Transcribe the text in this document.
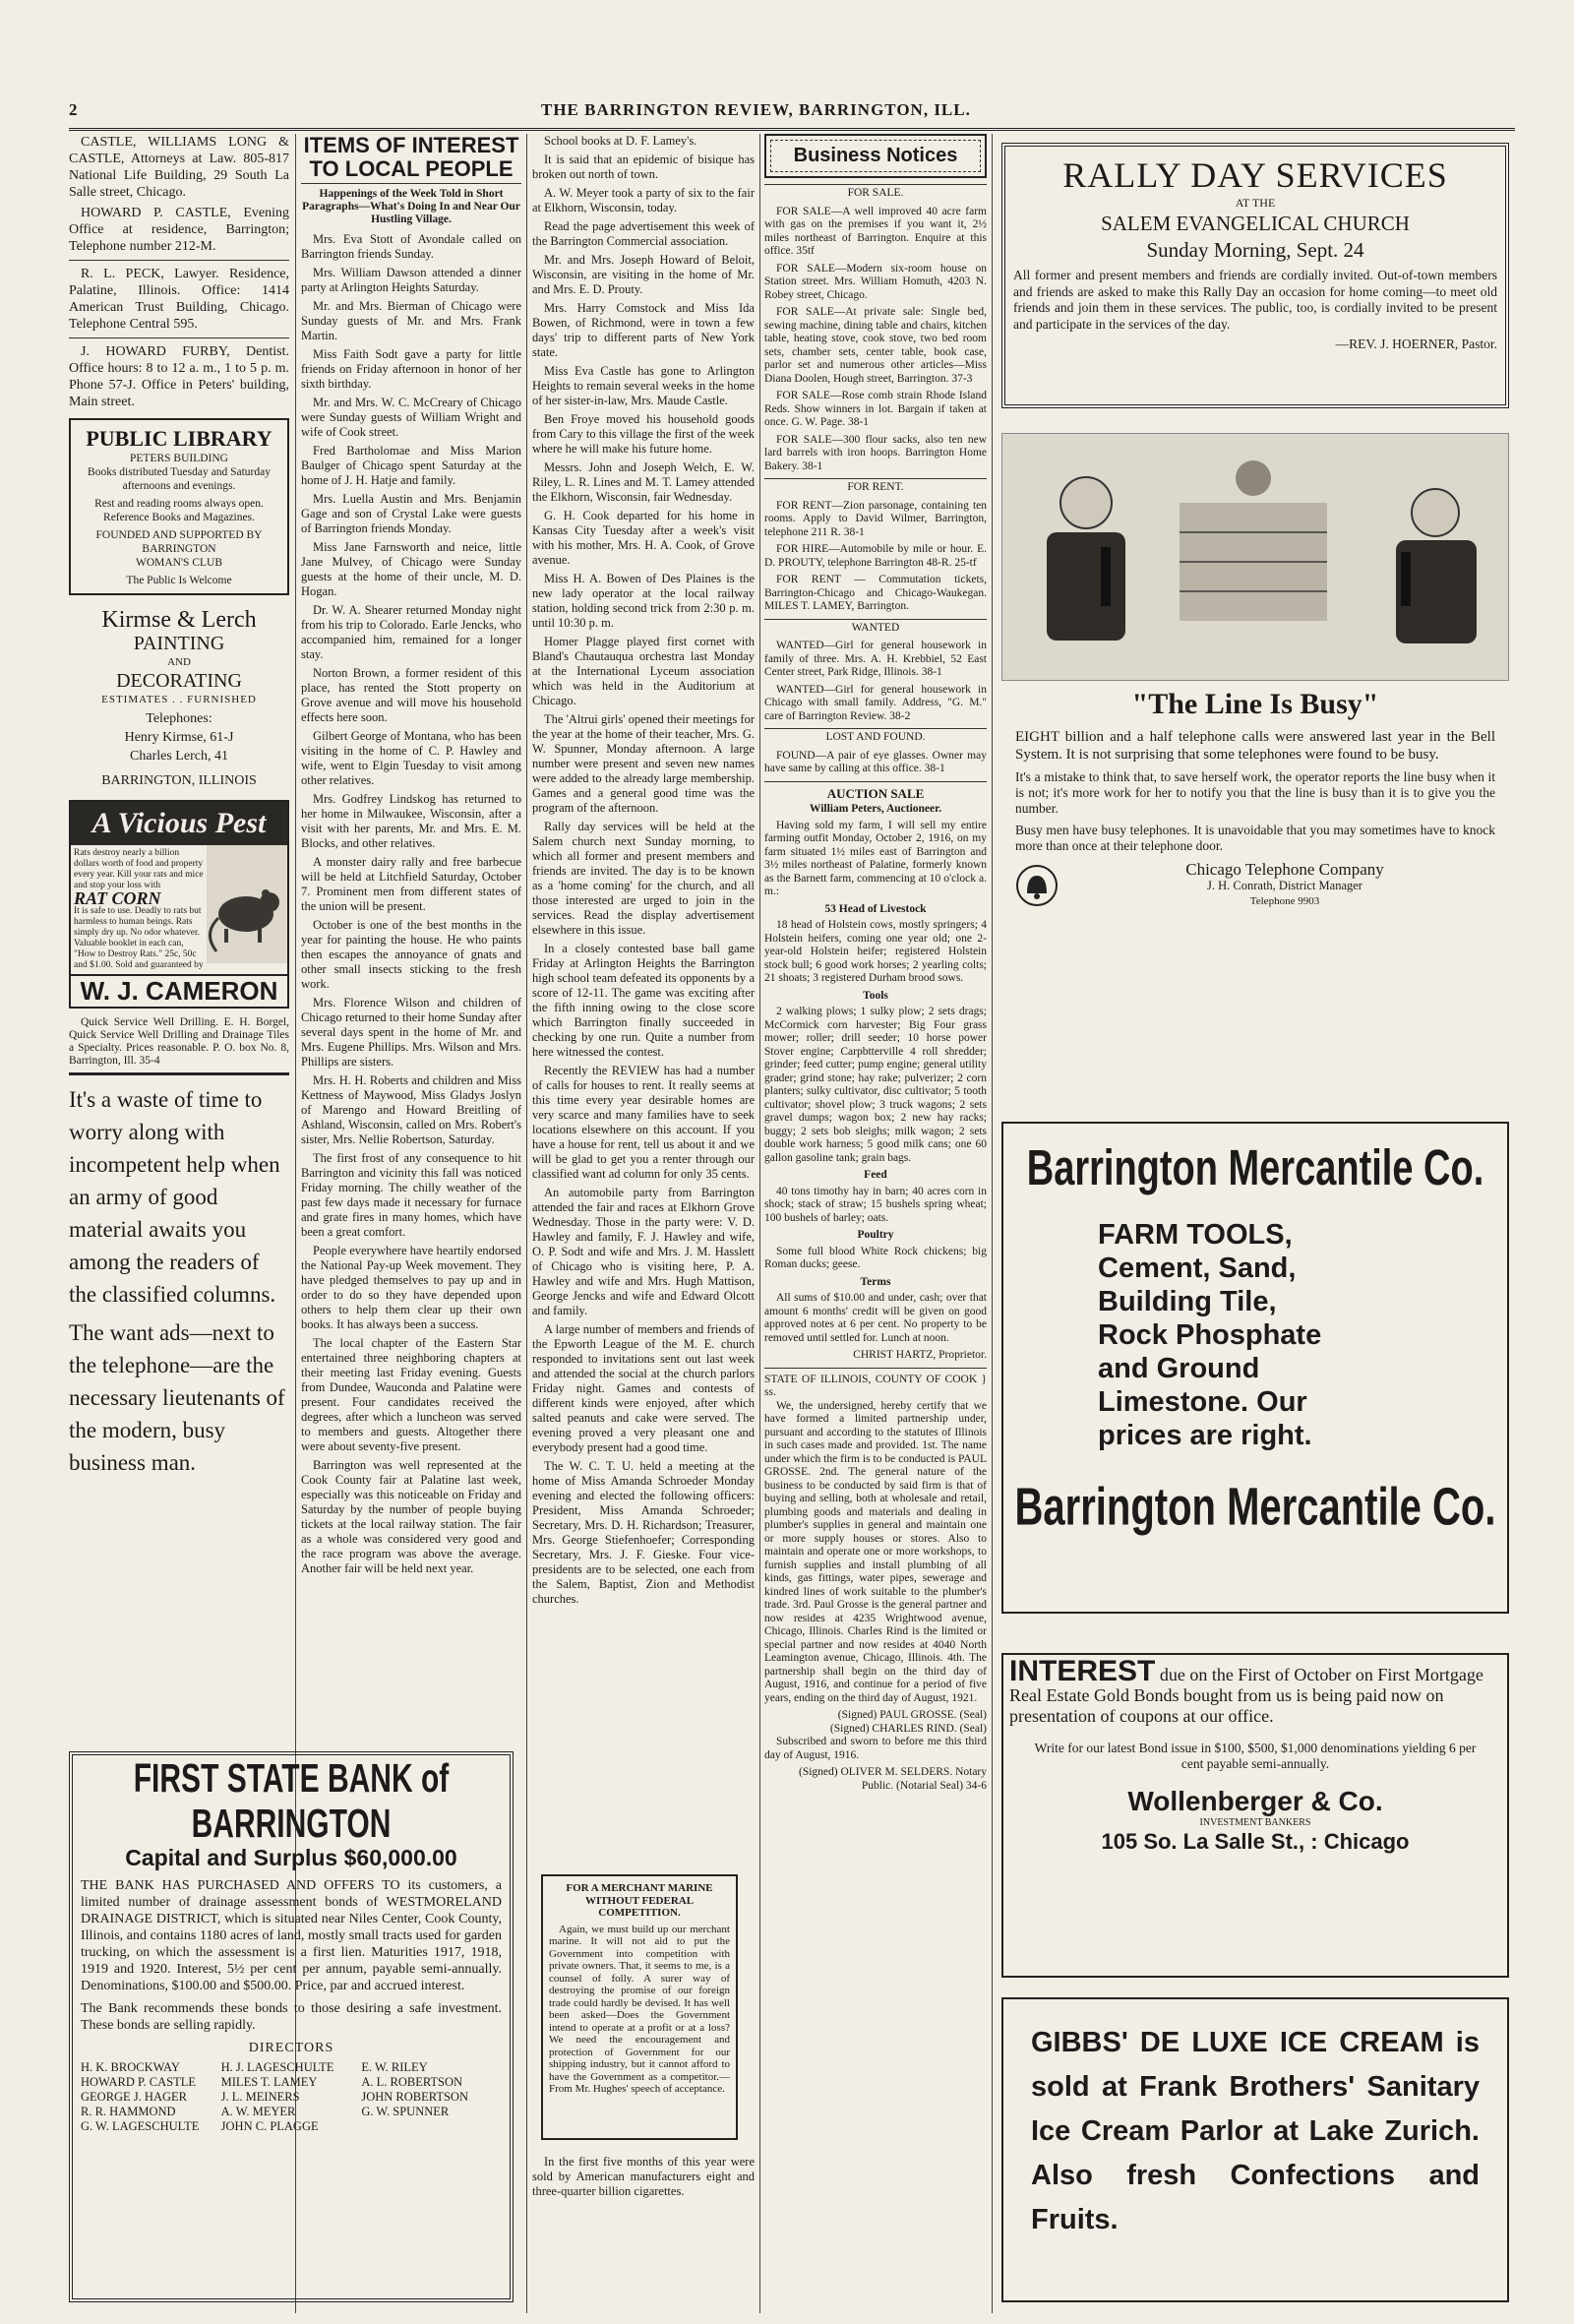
2	THE BARRINGTON REVIEW, BARRINGTON, ILL.

CASTLE, WILLIAMS LONG & CASTLE, Attorneys at Law. 805-817 National Life Building, 29 South La Salle street, Chicago.

HOWARD P. CASTLE, Evening Office at residence, Barrington; Telephone number 212-M.

R. L. PECK, Lawyer. Residence, Palatine, Illinois. Office: 1414 American Trust Building, Chicago. Telephone Central 595.

J. HOWARD FURBY, Dentist. Office hours: 8 to 12 a. m., 1 to 5 p. m. Phone 57-J. Office in Peters' building, Main street.

PUBLIC LIBRARY
PETERS BUILDING
Books distributed Tuesday and Saturday afternoons and evenings.
Rest and reading rooms always open. Reference Books and Magazines.
FOUNDED AND SUPPORTED BY
BARRINGTON
WOMAN'S CLUB
The Public Is Welcome
Kirmse & Lerch
PAINTING
AND
DECORATING
ESTIMATES . . FURNISHED
Telephones:
Henry Kirmse, 61-J
Charles Lerch, 41
BARRINGTON, ILLINOIS
A Vicious Pest
Rats destroy nearly a billion dollars worth of food and property every year. Kill your rats and mice and stop your loss with
RAT CORN
It is safe to use. Deadly to rats but harmless to human beings. Rats simply dry up. No odor whatever. Valuable booklet in each can, "How to Destroy Rats." 25c, 50c and $1.00. Sold and guaranteed by
W. J. CAMERON

Quick Service Well Drilling. E. H. Borgel, Quick Service Well Drilling and Drainage Tiles a Specialty. Prices reasonable. P. O. box No. 8, Barrington, Ill. 35-4

It's a waste of time to worry along with incompetent help when an army of good material awaits you among the readers of the classified columns.

The want ads—next to the telephone—are the necessary lieutenants of the modern, busy business man.

ITEMS OF INTEREST
TO LOCAL PEOPLE
Happenings of the Week Told in Short Paragraphs—What's Doing In and Near Our Hustling Village.

Mrs. Eva Stott of Avondale called on Barrington friends Sunday.

Mrs. William Dawson attended a dinner party at Arlington Heights Saturday.

Mr. and Mrs. Bierman of Chicago were Sunday guests of Mr. and Mrs. Frank Martin.

Miss Faith Sodt gave a party for little friends on Friday afternoon in honor of her sixth birthday.

Mr. and Mrs. W. C. McCreary of Chicago were Sunday guests of William Wright and wife of Cook street.

Fred Bartholomae and Miss Marion Baulger of Chicago spent Saturday at the home of J. H. Hatje and family.

Mrs. Luella Austin and Mrs. Benjamin Gage and son of Crystal Lake were guests of Barrington friends Monday.

Miss Jane Farnsworth and neice, little Jane Mulvey, of Chicago were Sunday guests at the home of their uncle, M. D. Hogan.

Dr. W. A. Shearer returned Monday night from his trip to Colorado. Earle Jencks, who accompanied him, remained for a longer stay.

Norton Brown, a former resident of this place, has rented the Stott property on Grove avenue and will move his household effects here soon.

Gilbert George of Montana, who has been visiting in the home of C. P. Hawley and wife, went to Elgin Tuesday to visit among other relatives.

Mrs. Godfrey Lindskog has returned to her home in Milwaukee, Wisconsin, after a visit with her parents, Mr. and Mrs. E. M. Blocks, and other relatives.

A monster dairy rally and free barbecue will be held at Litchfield Saturday, October 7. Prominent men from different states of the union will be present.

October is one of the best months in the year for painting the house. He who paints then escapes the annoyance of gnats and other small insects sticking to the fresh work.

Mrs. Florence Wilson and children of Chicago returned to their home Sunday after several days spent in the home of Mr. and Mrs. Eugene Phillips. Mrs. Wilson and Mrs. Phillips are sisters.

Mrs. H. H. Roberts and children and Miss Kettness of Maywood, Miss Gladys Joslyn of Marengo and Howard Breitling of Ashland, Wisconsin, called on Mrs. Robert's sister, Mrs. Nellie Robertson, Saturday.

The first frost of any consequence to hit Barrington and vicinity this fall was noticed Friday morning. The chilly weather of the past few days made it necessary for furnace and grate fires in many homes, which have been a great comfort.

People everywhere have heartily endorsed the National Pay-up Week movement. They have pledged themselves to pay up and in order to do so they have depended upon others to help them clear up their own books. It has always been a success.

The local chapter of the Eastern Star entertained three neighboring chapters at their meeting last Friday evening. Guests from Dundee, Wauconda and Palatine were present. Four candidates received the degrees, after which a luncheon was served to members and guests. Altogether there were about seventy-five present.

Barrington was well represented at the Cook County fair at Palatine last week, especially was this noticeable on Friday and Saturday by the number of people buying tickets at the local railway station. The fair as a whole was considered very good and the race program was above the average. Another fair will be held next year.

School books at D. F. Lamey's.

It is said that an epidemic of bisique has broken out north of town.

A. W. Meyer took a party of six to the fair at Elkhorn, Wisconsin, today.

Read the page advertisement this week of the Barrington Commercial association.

Mr. and Mrs. Joseph Howard of Beloit, Wisconsin, are visiting in the home of Mr. and Mrs. E. D. Prouty.

Mrs. Harry Comstock and Miss Ida Bowen, of Richmond, were in town a few days' trip to different parts of New York state.

Miss Eva Castle has gone to Arlington Heights to remain several weeks in the home of her sister-in-law, Mrs. Maude Castle.

Ben Froye moved his household goods from Cary to this village the first of the week where he will make his future home.

Messrs. John and Joseph Welch, E. W. Riley, L. R. Lines and M. T. Lamey attended the Elkhorn, Wisconsin, fair Wednesday.

G. H. Cook departed for his home in Kansas City Tuesday after a week's visit with his mother, Mrs. H. A. Cook, of Grove avenue.

Miss H. A. Bowen of Des Plaines is the new lady operator at the local railway station, holding second trick from 2:30 p. m. until 10:30 p. m.

Homer Plagge played first cornet with Bland's Chautauqua orchestra last Monday at the International Lyceum association which was held in the Auditorium at Chicago.

The 'Altrui girls' opened their meetings for the year at the home of their teacher, Mrs. G. W. Spunner, Monday afternoon. A large number were present and seven new names were added to the already large membership. Games and a general good time was the program of the afternoon.

Rally day services will be held at the Salem church next Sunday morning, to which all former and present members and friends are invited. The day is to be known as a 'home coming' for the church, and all those interested are urged to join in the services. Read the display advertisement elsewhere in this issue.

In a closely contested base ball game Friday at Arlington Heights the Barrington high school team defeated its opponents by a score of 12-11. The game was exciting after the fifth inning owing to the close score which Barrington finally succeeded in checking by one run. Quite a number from here witnessed the contest.

Recently the REVIEW has had a number of calls for houses to rent. It really seems at this time every year desirable homes are very scarce and many families have to seek locations elsewhere on this account. If you have a house for rent, tell us about it and we will be glad to get you a renter through our classified want ad column for only 35 cents.

An automobile party from Barrington attended the fair and races at Elkhorn Grove Wednesday. Those in the party were: V. D. Hawley and family, F. J. Hawley and wife, O. P. Sodt and wife and Mrs. J. M. Hasslett of Chicago who is visiting here, P. A. Hawley and wife and Mrs. Hugh Mattison, George Jencks and wife and Edward Olcott and family.

A large number of members and friends of the Epworth League of the M. E. church responded to invitations sent out last week and attended the social at the church parlors Friday night. Games and contests of different kinds were enjoyed, after which salted peanuts and cake were served. The evening proved a very pleasant one and everybody present had a good time.

The W. C. T. U. held a meeting at the home of Miss Amanda Schroeder Monday evening and elected the following officers: President, Miss Amanda Schroeder; Secretary, Mrs. D. H. Richardson; Treasurer, Mrs. George Stiefenhoefer; Corresponding Secretary, Mrs. J. F. Gieske. Four vice-presidents are to be selected, one each from the Salem, Baptist, Zion and Methodist churches.

FIRST STATE BANK of BARRINGTON
Capital and Surplus $60,000.00

THE BANK HAS PURCHASED AND OFFERS TO its customers, a limited number of drainage assessment bonds of WESTMORELAND DRAINAGE DISTRICT, which is situated near Niles Center, Cook County, Illinois, and contains 1180 acres of land, mostly small tracts used for garden trucking, on which the assessment is a first lien. Maturities 1917, 1918, 1919 and 1920. Interest, 5½ per cent per annum, payable semi-annually. Denominations, $100.00 and $500.00. Price, par and accrued interest.

The Bank recommends these bonds to those desiring a safe investment. These bonds are selling rapidly.

DIRECTORS
H. K. BROCKWAY	H. J. LAGESCHULTE	E. W. RILEY
HOWARD P. CASTLE	MILES T. LAMEY	A. L. ROBERTSON
GEORGE J. HAGER	J. L. MEINERS	JOHN ROBERTSON
R. R. HAMMOND	A. W. MEYER	G. W. SPUNNER
G. W. LAGESCHULTE	JOHN C. PLAGGE
FOR A MERCHANT MARINE WITHOUT FEDERAL COMPETITION.

Again, we must build up our merchant marine. It will not aid to put the Government into competition with private owners. That, it seems to me, is a counsel of folly. A surer way of destroying the promise of our foreign trade could hardly be devised. It has well been asked—Does the Government intend to operate at a profit or at a loss? We need the encouragement and protection of Government for our shipping industry, but it cannot afford to have the Government as a competitor.—From Mr. Hughes' speech of acceptance.

In the first five months of this year were sold by American manufacturers eight and three-quarter billion cigarettes.

Business Notices
FOR SALE.

FOR SALE—A well improved 40 acre farm with gas on the premises if you want it, 2½ miles northeast of Barrington. Enquire at this office. 35tf

FOR SALE—Modern six-room house on Station street. Mrs. William Homuth, 4203 N. Robey street, Chicago.

FOR SALE—At private sale: Single bed, sewing machine, dining table and chairs, kitchen table, heating stove, cook stove, two bed room sets, chamber sets, center table, book case, parlor set and numerous other articles—Miss Diana Doolen, Hough street, Barrington. 37-3

FOR SALE—Rose comb strain Rhode Island Reds. Show winners in lot. Bargain if taken at once. G. W. Page. 38-1

FOR SALE—300 flour sacks, also ten new lard barrels with iron hoops. Barrington Home Bakery. 38-1

FOR RENT.

FOR RENT—Zion parsonage, containing ten rooms. Apply to David Wilmer, Barrington, telephone 211 R. 38-1

FOR HIRE—Automobile by mile or hour. E. D. PROUTY, telephone Barrington 48-R. 25-tf

FOR RENT — Commutation tickets, Barrington-Chicago and Chicago-Waukegan. MILES T. LAMEY, Barrington.

WANTED

WANTED—Girl for general housework in family of three. Mrs. A. H. Krebbiel, 52 East Center street, Park Ridge, Illinois. 38-1

WANTED—Girl for general housework in Chicago with small family. Address, "G. M." care of Barrington Review. 38-2

LOST AND FOUND.

FOUND—A pair of eye glasses. Owner may have same by calling at this office. 38-1

AUCTION SALE
William Peters, Auctioneer.

Having sold my farm, I will sell my entire farming outfit Monday, October 2, 1916, on my farm situated 1½ miles east of Barrington and 3½ miles northeast of Palatine, formerly known as the Barnett farm, commencing at 10 o'clock a. m.:

53 Head of Livestock

18 head of Holstein cows, mostly springers; 4 Holstein heifers, coming one year old; one 2-year-old Holstein heifer; registered Holstein stock bull; 6 good work horses; 2 yearling colts; 21 shoats; 3 registered Durham brood sows.

Tools

2 walking plows; 1 sulky plow; 2 sets drags; McCormick corn harvester; Big Four grass mower; roller; drill seeder; 10 horse power Stover engine; Carpbtterville 4 roll shredder; grinder; feed cutter; pump engine; general utility grader; grind stone; hay rake; pulverizer; 2 corn planters; sulky cultivator, disc cultivator; 5 tooth cultivator; shovel plow; 3 truck wagons; 2 sets gravel dumps; wagon box; 2 new hay racks; buggy; 2 sets bob sleighs; milk wagon; 2 sets double work harness; 5 good milk cans; one 60 gallon gasoline tank; grain bags.

Feed

40 tons timothy hay in barn; 40 acres corn in shock; stack of straw; 15 bushels spring wheat; 100 bushels of barley; oats.

Poultry

Some full blood White Rock chickens; big Roman ducks; geese.

Terms

All sums of $10.00 and under, cash; over that amount 6 months' credit will be given on good approved notes at 6 per cent. No property to be removed until settled for. Lunch at noon.

CHRIST HARTZ, Proprietor.
STATE OF ILLINOIS, COUNTY OF COOK } ss.

We, the undersigned, hereby certify that we have formed a limited partnership under, pursuant and according to the statutes of Illinois in such cases made and provided. 1st. The name under which the firm is to be conducted is PAUL GROSSE. 2nd. The general nature of the business to be conducted by said firm is that of buying and selling, both at wholesale and retail, plumbing goods and materials and dealing in plumber's supplies in general and maintain one or more supply houses or stores. Also to maintain and operate one or more workshops, to furnish supplies and install plumbing of all kinds, gas fittings, water pipes, sewerage and kindred lines of work suitable to the plumber's trade. 3rd. Paul Grosse is the general partner and now resides at 4235 Wrightwood avenue, Chicago, Illinois. Charles Rind is the limited or special partner and now resides at 4040 North Leamington avenue, Chicago, Illinois. 4th. The partnership shall begin on the third day of August, 1916, and continue for a period of five years, ending on the third day of August, 1921.

(Signed) PAUL GROSSE. (Seal)
(Signed) CHARLES RIND. (Seal)

Subscribed and sworn to before me this third day of August, 1916.

(Signed) OLIVER M. SELDERS. Notary Public. (Notarial Seal) 34-6
RALLY DAY SERVICES
AT THE
SALEM EVANGELICAL CHURCH
Sunday Morning, Sept. 24

All former and present members and friends are cordially invited. Out-of-town members and friends are asked to make this Rally Day an occasion for home coming—to meet old friends and join them in these services. The public, too, is cordially invited to be present and participate in the services of the day.

—REV. J. HOERNER, Pastor.
"The Line Is Busy"

EIGHT billion and a half telephone calls were answered last year in the Bell System. It is not surprising that some telephones were found to be busy.

It's a mistake to think that, to save herself work, the operator reports the line busy when it is not; it's more work for her to notify you that the line is busy than it is to give you the number.

Busy men have busy telephones. It is unavoidable that you may sometimes have to knock more than once at their telephone door.

Chicago Telephone Company
J. H. Conrath, District Manager
Telephone 9903
Barrington Mercantile Co.
FARM TOOLS,
Cement, Sand,
Building Tile,
Rock Phosphate
and Ground
Limestone. Our
prices are right.
Barrington Mercantile Co.
INTEREST due on the First of October on First Mortgage Real Estate Gold Bonds bought from us is being paid now on presentation of coupons at our office.

Write for our latest Bond issue in $100, $500, $1,000 denominations yielding 6 per cent payable semi-annually.

Wollenberger & Co.
INVESTMENT BANKERS
105 So. La Salle St., : Chicago

GIBBS' DE LUXE ICE CREAM is sold at Frank Brothers' Sanitary Ice Cream Parlor at Lake Zurich. Also fresh Confections and Fruits.
